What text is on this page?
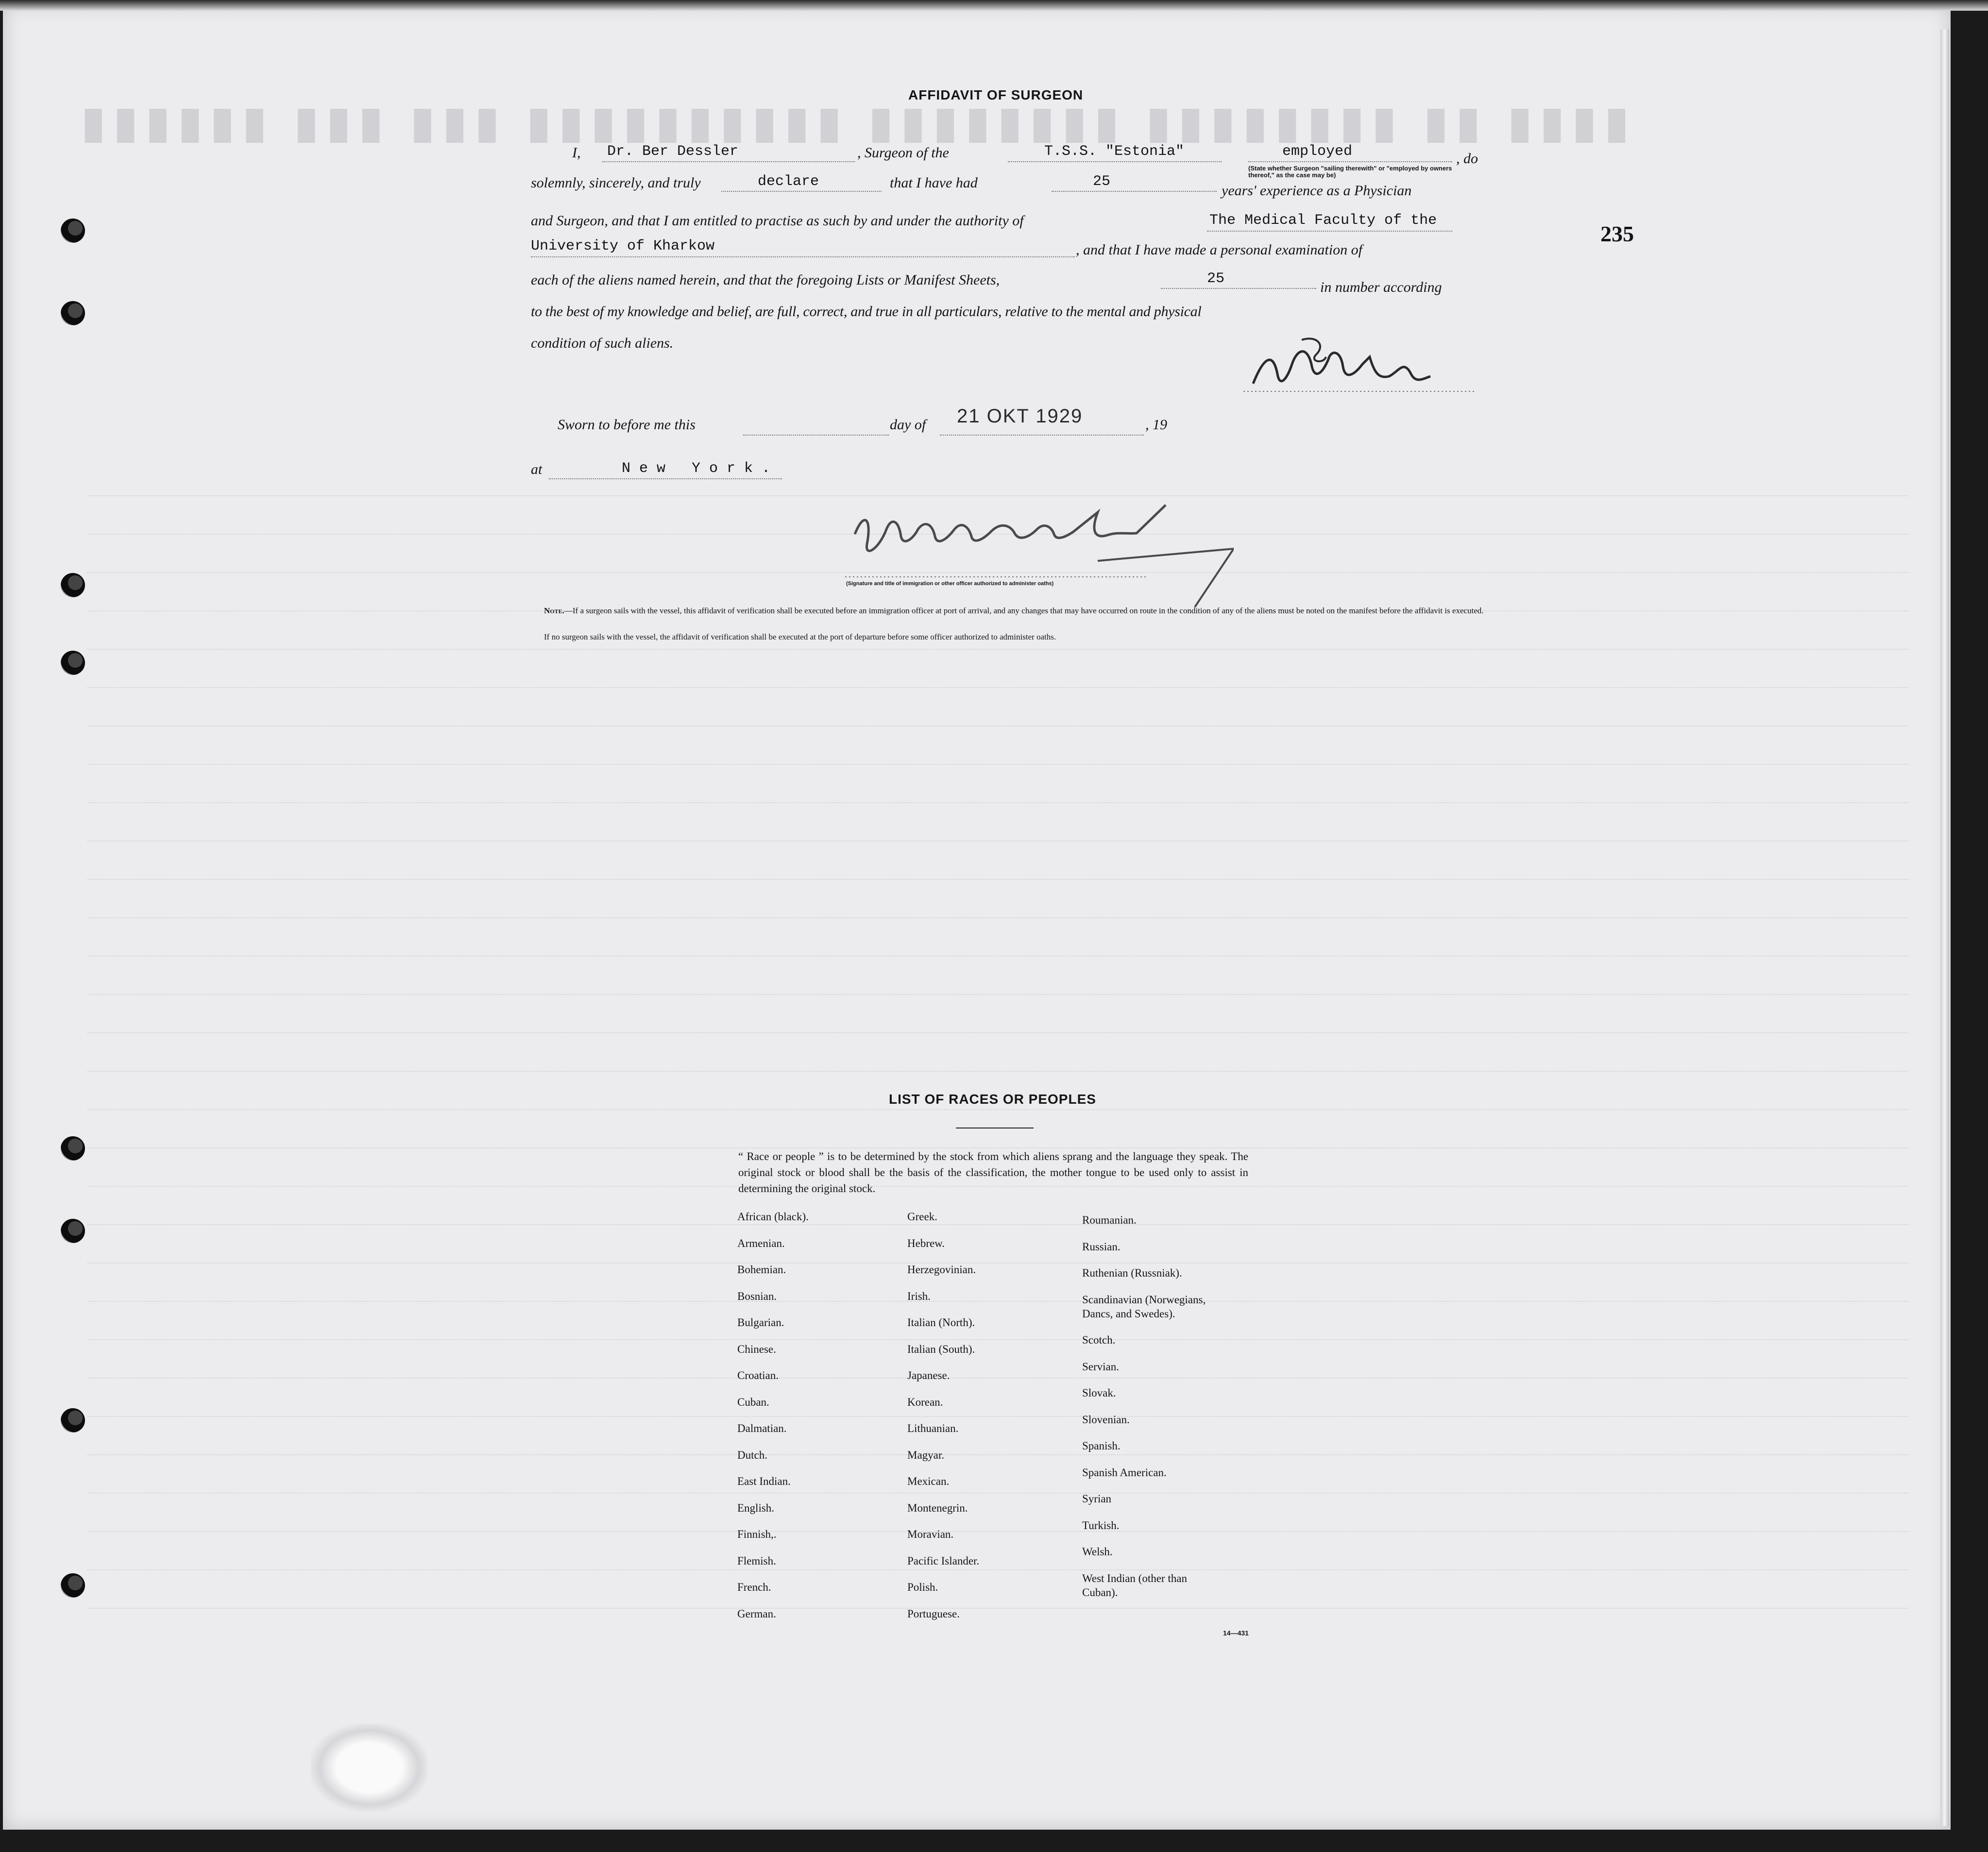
▮▮▮▮ ▮▮ ▮▮▮▮▮▮▮▮ ▮▮▮▮▮▮▮▮ ▮▮▮▮▮▮▮▮▮▮ ▮▮▮ ▮▮▮ ▮▮▮▮▮▮
235
AFFIDAVIT OF SURGEON
I, Dr. Ber Dessler	, Surgeon of the	T.S.S. "Estonia"	employed
(State whether Surgeon "sailing therewith" or "employed by owners thereof," as the case may be)
, do
solemnly, sincerely, and truly	declare	that I have had	25
years' experience as a Physician
and Surgeon, and that I am entitled to practise as such by and under the authority of	The Medical Faculty of the
University of Kharkow	, and that I have made a personal examination of
each of the aliens named herein, and that the foregoing Lists or Manifest Sheets,	25
in number according
to the best of my knowledge and belief, are full, correct, and true in all particulars, relative to the mental and physical
condition of such aliens.
Sworn to before me this	day of 21 OKT 1929	, 19
at	N e w   Y o r k .
(Signature and title of immigration or other officer authorized to administer oaths)
Note.—If a surgeon sails with the vessel, this affidavit of verification shall be executed before an immigration officer at port of arrival, and any changes that may have occurred on route in the condition of any of the aliens must be noted on the manifest before the affidavit is executed.
If no surgeon sails with the vessel, the affidavit of verification shall be executed at the port of departure before some officer authorized to administer oaths.
LIST OF RACES OR PEOPLES
“ Race or people ” is to be determined by the stock from which aliens sprang and the language they speak. The original stock or blood shall be the basis of the classification, the mother tongue to be used only to assist in determining the original stock.
African (black).
Armenian.
Bohemian.
Bosnian.
Bulgarian.
Chinese.
Croatian.
Cuban.
Dalmatian.
Dutch.
East Indian.
English.
Finnish,.
Flemish.
French.
German.
Greek.
Hebrew.
Herzegovinian.
Irish.
Italian (North).
Italian (South).
Japanese.
Korean.
Lithuanian.
Magyar.
Mexican.
Montenegrin.
Moravian.
Pacific Islander.
Polish.
Portuguese.
Roumanian.
Russian.
Ruthenian (Russniak).
Scandinavian (Norwegians,
Dancs, and Swedes).
Scotch.
Servian.
Slovak.
Slovenian.
Spanish.
Spanish American.
Syrian
Turkish.
Welsh.
West Indian (other than
Cuban).
14—431
